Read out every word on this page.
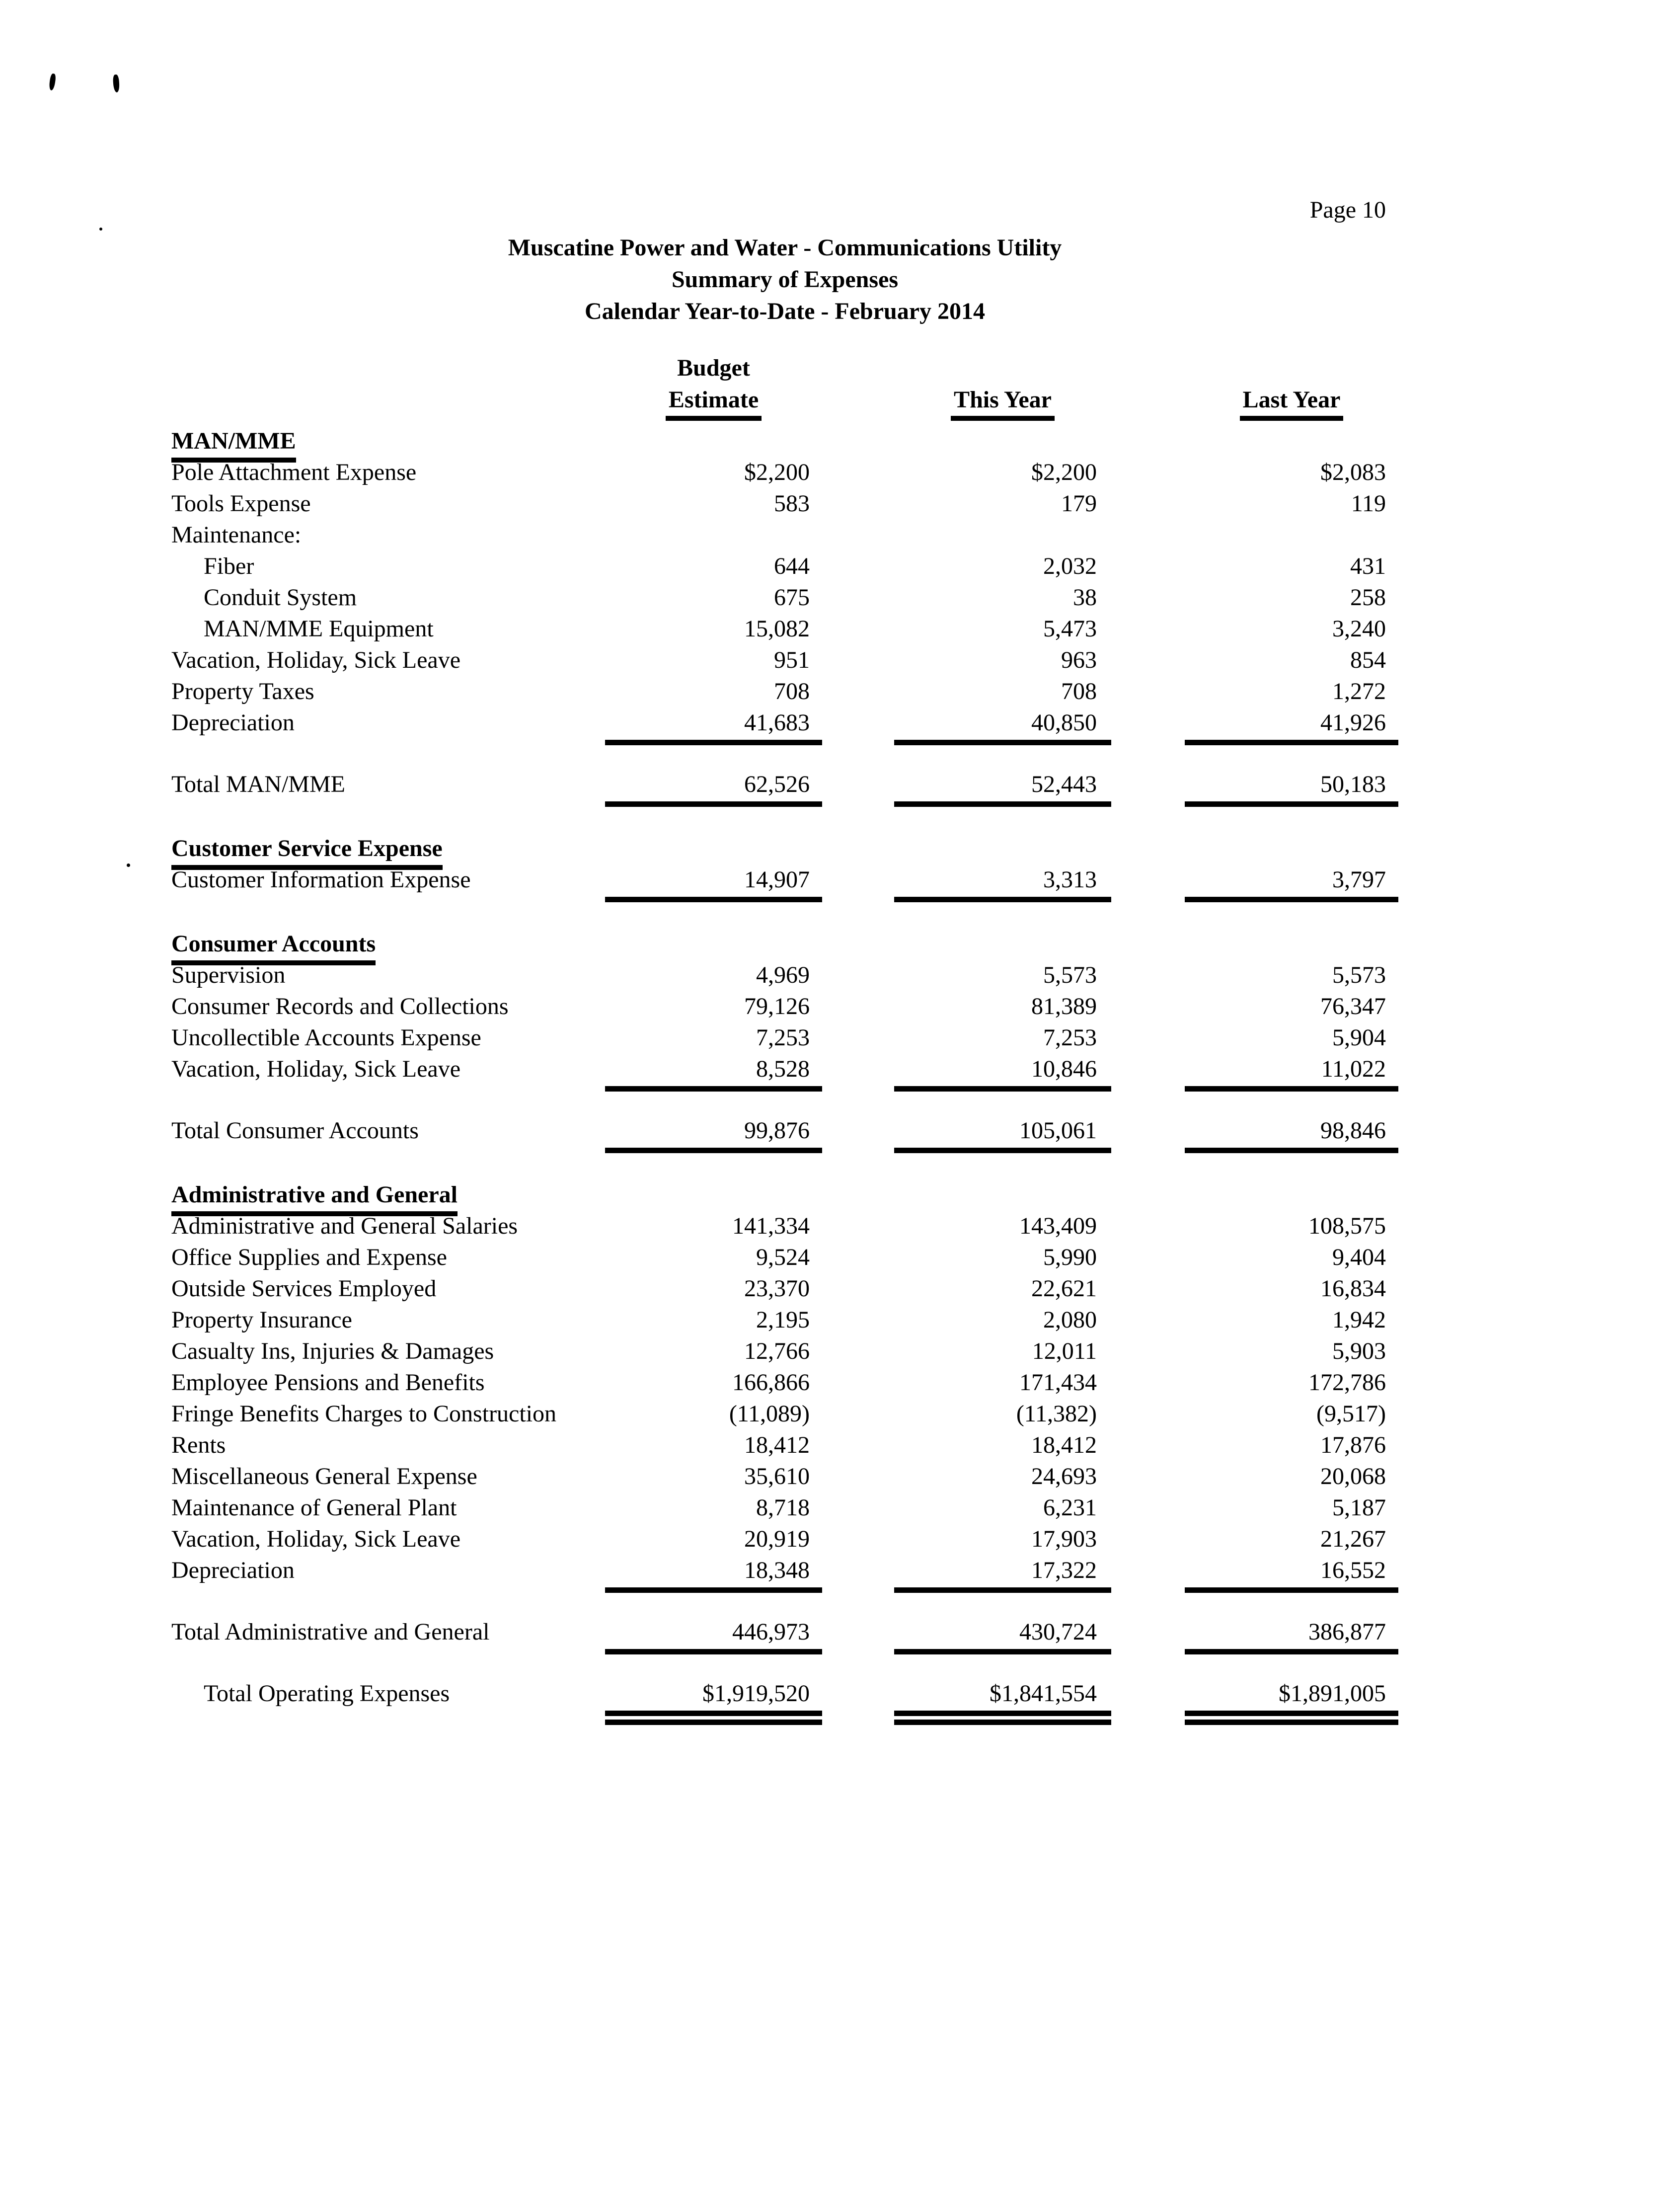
Page 10
Muscatine Power and Water - Communications Utility
Summary of Expenses
Calendar Year-to-Date - February 2014
Budget
Estimate	This Year	Last Year
MAN/MME
Pole Attachment Expense	$2,200	$2,200	$2,083
Tools Expense	583	179	119
Maintenance:
Fiber	644	2,032	431
Conduit System	675	38	258
MAN/MME Equipment	15,082	5,473	3,240
Vacation, Holiday, Sick Leave	951	963	854
Property Taxes	708	708	1,272
Depreciation	41,683	40,850	41,926
Total MAN/MME	62,526	52,443	50,183
Customer Service Expense
Customer Information Expense	14,907	3,313	3,797
Consumer Accounts
Supervision	4,969	5,573	5,573
Consumer Records and Collections	79,126	81,389	76,347
Uncollectible Accounts Expense	7,253	7,253	5,904
Vacation, Holiday, Sick Leave	8,528	10,846	11,022
Total Consumer Accounts	99,876	105,061	98,846
Administrative and General
Administrative and General Salaries	141,334	143,409	108,575
Office Supplies and Expense	9,524	5,990	9,404
Outside Services Employed	23,370	22,621	16,834
Property Insurance	2,195	2,080	1,942
Casualty Ins, Injuries & Damages	12,766	12,011	5,903
Employee Pensions and Benefits	166,866	171,434	172,786
Fringe Benefits Charges to Construction	(11,089)	(11,382)	(9,517)
Rents	18,412	18,412	17,876
Miscellaneous General Expense	35,610	24,693	20,068
Maintenance of General Plant	8,718	6,231	5,187
Vacation, Holiday, Sick Leave	20,919	17,903	21,267
Depreciation	18,348	17,322	16,552
Total Administrative and General	446,973	430,724	386,877
Total Operating Expenses	$1,919,520	$1,841,554	$1,891,005
